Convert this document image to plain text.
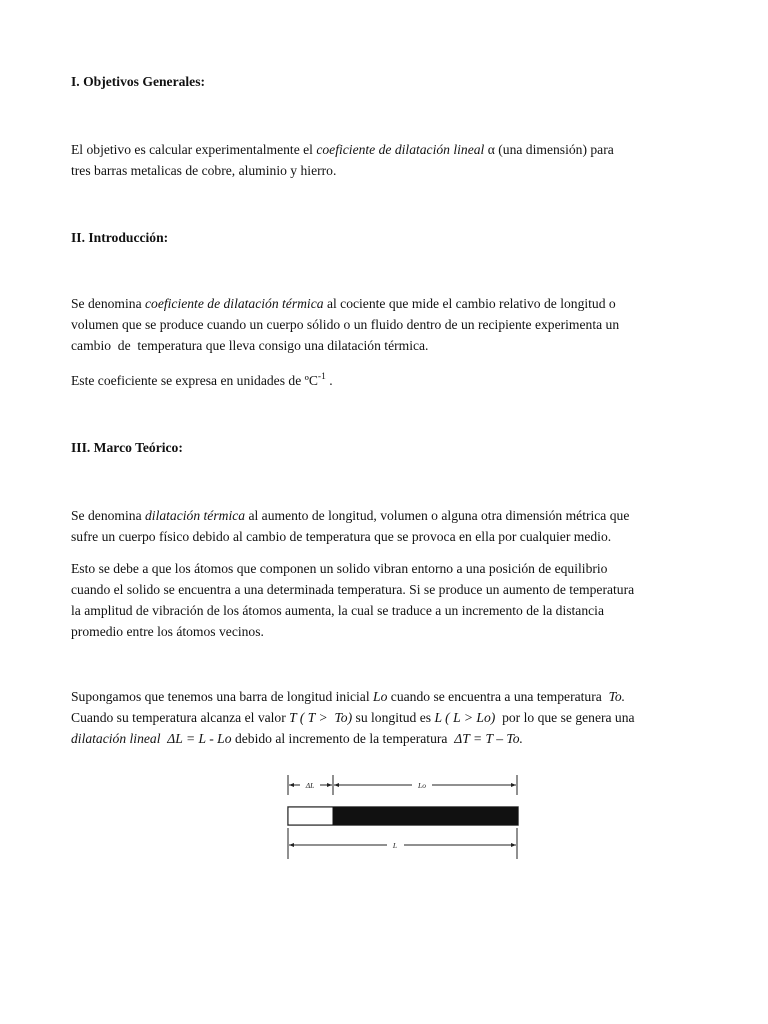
I. Objetivos Generales:

El objetivo es calcular experimentalmente el coeficiente de dilatación lineal α (una dimensión) para
tres barras metalicas de cobre, aluminio y hierro.

II. Introducción:

Se denomina coeficiente de dilatación térmica al cociente que mide el cambio relativo de longitud o
volumen que se produce cuando un cuerpo sólido o un fluido dentro de un recipiente experimenta un
cambio  de  temperatura que lleva consigo una dilatación térmica.
Este coeficiente se expresa en unidades de ºC$^{-1}$ .

III. Marco Teórico:

Se denomina dilatación térmica al aumento de longitud, volumen o alguna otra dimensión métrica que
sufre un cuerpo físico debido al cambio de temperatura que se provoca en ella por cualquier medio.
Esto se debe a que los átomos que componen un solido vibran entorno a una posición de equilibrio
cuando el solido se encuentra a una determinada temperatura. Si se produce un aumento de temperatura
la amplitud de vibración de los átomos aumenta, la cual se traduce a un incremento de la distancia
promedio entre los átomos vecinos.
Supongamos que tenemos una barra de longitud inicial Lo cuando se encuentra a una temperatura  To.
Cuando su temperatura alcanza el valor T ( T >  To) su longitud es L ( L > Lo)  por lo que se genera una
dilatación lineal  ΔL = L - Lo debido al incremento de la temperatura  ΔT = T – To.
ΔL	Lo
L
